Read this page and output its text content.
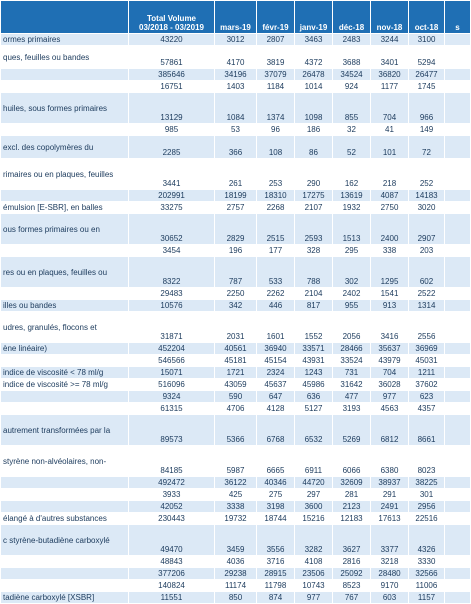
	Total Volume
03/2018 - 03/2019	mars-19	févr-19	janv-19	déc-18	nov-18	oct-18	s
ormes primaires	43220	3012	2807	3463	2483	3244	3100	
ques, feuilles ou bandes	57861	4170	3819	4372	3688	3401	5294	
	385646	34196	37079	26478	34524	36820	26477	
	16751	1403	1184	1014	924	1177	1745	
huiles, sous formes primaires	13129	1084	1374	1098	855	704	966	
	985	53	96	186	32	41	149	
excl. des copolymères du	2285	366	108	86	52	101	72	
rimaires ou en plaques, feuilles	3441	261	253	290	162	218	252	
	202991	18199	18310	17275	13619	4087	14183	
émulsion [E-SBR], en balles	33275	2757	2268	2107	1932	2750	3020	
ous formes primaires ou en	30652	2829	2515	2593	1513	2400	2907	
	3454	196	177	328	295	338	203	
res ou en plaques, feuilles ou	8322	787	533	788	302	1295	602	
	29483	2250	2262	2104	2402	1541	2522	
illes ou bandes	10576	342	446	817	955	913	1314	
udres, granulés, flocons et	31871	2031	1601	1552	2056	3416	2556	
ène linéaire)	452204	40561	36940	33571	28466	35637	36969	
	546566	45181	45154	43931	33524	43979	45031	
indice de viscosité < 78 ml/g	15071	1721	2324	1243	731	704	1211	
indice de viscosité >= 78 ml/g	516096	43059	45637	45986	31642	36028	37602	
	9324	590	647	636	477	977	623	
	61315	4706	4128	5127	3193	4563	4357	
autrement transformées par la	89573	5366	6768	6532	5269	6812	8661	
styrène non-alvéolaires, non-	84185	5987	6665	6911	6066	6380	8023	
	492472	36122	40346	44720	32609	38937	38225	
	3933	425	275	297	281	291	301	
	42052	3338	3198	3600	2123	2491	2956	
élangé à d'autres substances	230443	19732	18744	15216	12183	17613	22516	
c styrène-butadiène carboxylé	49470	3459	3556	3282	3627	3377	4326	
	48843	4036	3716	4108	2816	3218	3330	
	377206	29238	28915	23506	25092	28480	32566	
	140824	11174	11798	10743	8523	9170	11006	
tadiène carboxylé [XSBR]	11551	850	874	977	767	603	1157	
